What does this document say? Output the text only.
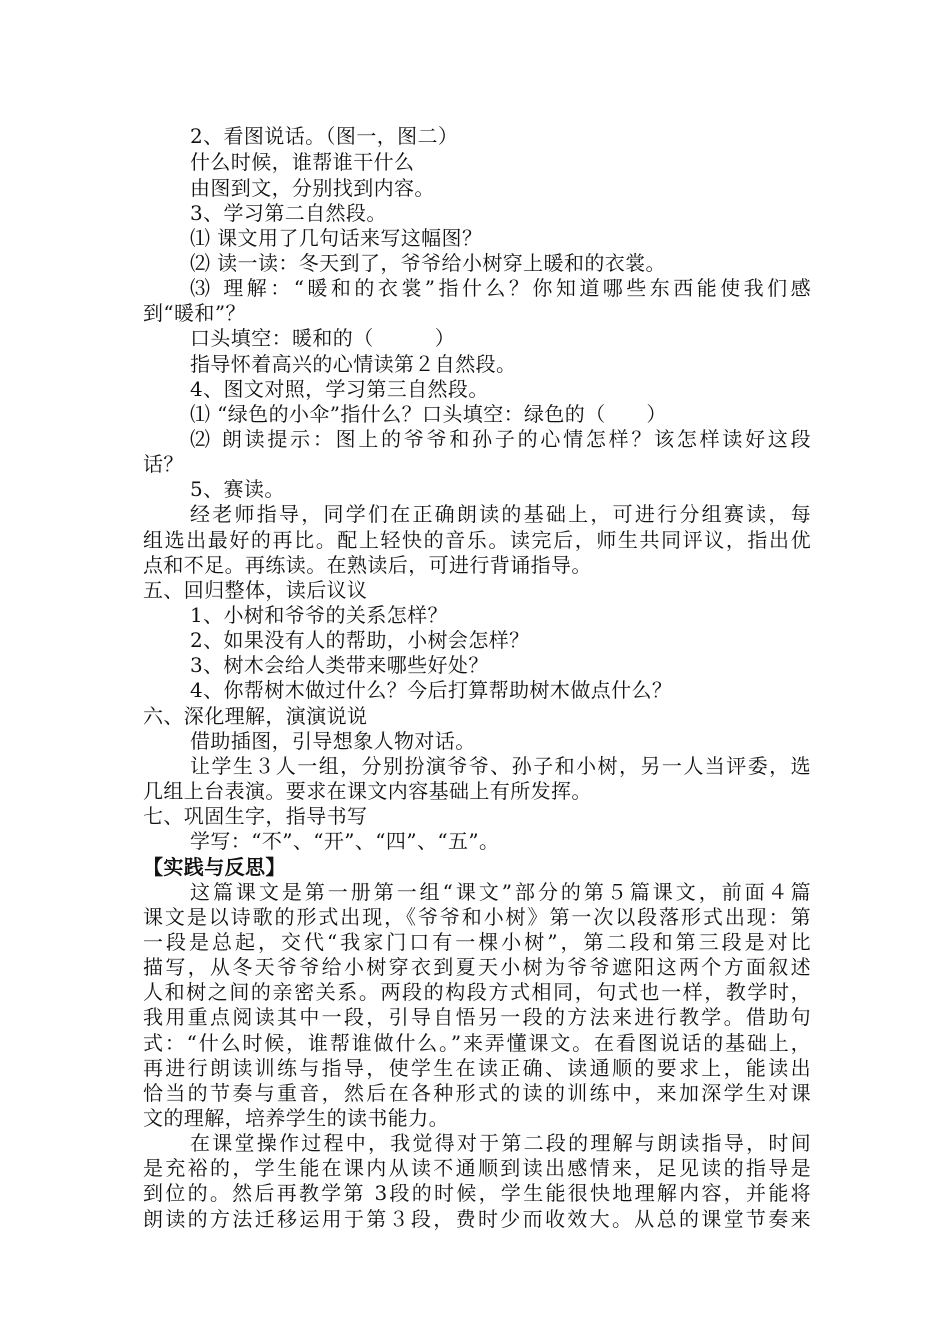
2、看图说话。（图一，图二）
什么时候，谁帮谁干什么
由图到文，分别找到内容。
3、学习第二自然段。
⑴ 课文用了几句话来写这幅图？
⑵ 读一读：冬天到了，爷爷给小树穿上暖和的衣裳。
⑶ 理解：“暖和的衣裳”指什么？你知道哪些东西能使我们感
到“暖和”？
口头填空：暖和的（　　　）
指导怀着高兴的心情读第２自然段。
4、图文对照，学习第三自然段。
⑴ “绿色的小伞”指什么？口头填空：绿色的（　　）
⑵ 朗读提示：图上的爷爷和孙子的心情怎样？该怎样读好这段
话？
5、赛读。
经老师指导，同学们在正确朗读的基础上，可进行分组赛读，每
组选出最好的再比。配上轻快的音乐。读完后，师生共同评议，指出优
点和不足。再练读。在熟读后，可进行背诵指导。
五、回归整体，读后议议
1、小树和爷爷的关系怎样？
2、如果没有人的帮助，小树会怎样？
3、树木会给人类带来哪些好处？
4、你帮树木做过什么？今后打算帮助树木做点什么？
六、深化理解，演演说说
借助插图，引导想象人物对话。
让学生３人一组，分别扮演爷爷、孙子和小树，另一人当评委，选
几组上台表演。要求在课文内容基础上有所发挥。
七、巩固生字，指导书写
学写：“不”、“开”、“四”、“五”。
【实践与反思】
这篇课文是第一册第一组“课文”部分的第５篇课文，前面４篇
课文是以诗歌的形式出现，《爷爷和小树》第一次以段落形式出现：第
一段是总起，交代“我家门口有一棵小树”，第二段和第三段是对比
描写，从冬天爷爷给小树穿衣到夏天小树为爷爷遮阳这两个方面叙述
人和树之间的亲密关系。两段的构段方式相同，句式也一样，教学时，
我用重点阅读其中一段，引导自悟另一段的方法来进行教学。借助句
式：“什么时候，谁帮谁做什么。”来弄懂课文。在看图说话的基础上，
再进行朗读训练与指导，使学生在读正确、读通顺的要求上，能读出
恰当的节奏与重音，然后在各种形式的读的训练中，来加深学生对课
文的理解，培养学生的读书能力。
在课堂操作过程中，我觉得对于第二段的理解与朗读指导，时间
是充裕的，学生能在课内从读不通顺到读出感情来，足见读的指导是
到位的。然后再教学第 3段的时候，学生能很快地理解内容，并能将
朗读的方法迁移运用于第３段，费时少而收效大。从总的课堂节奏来
